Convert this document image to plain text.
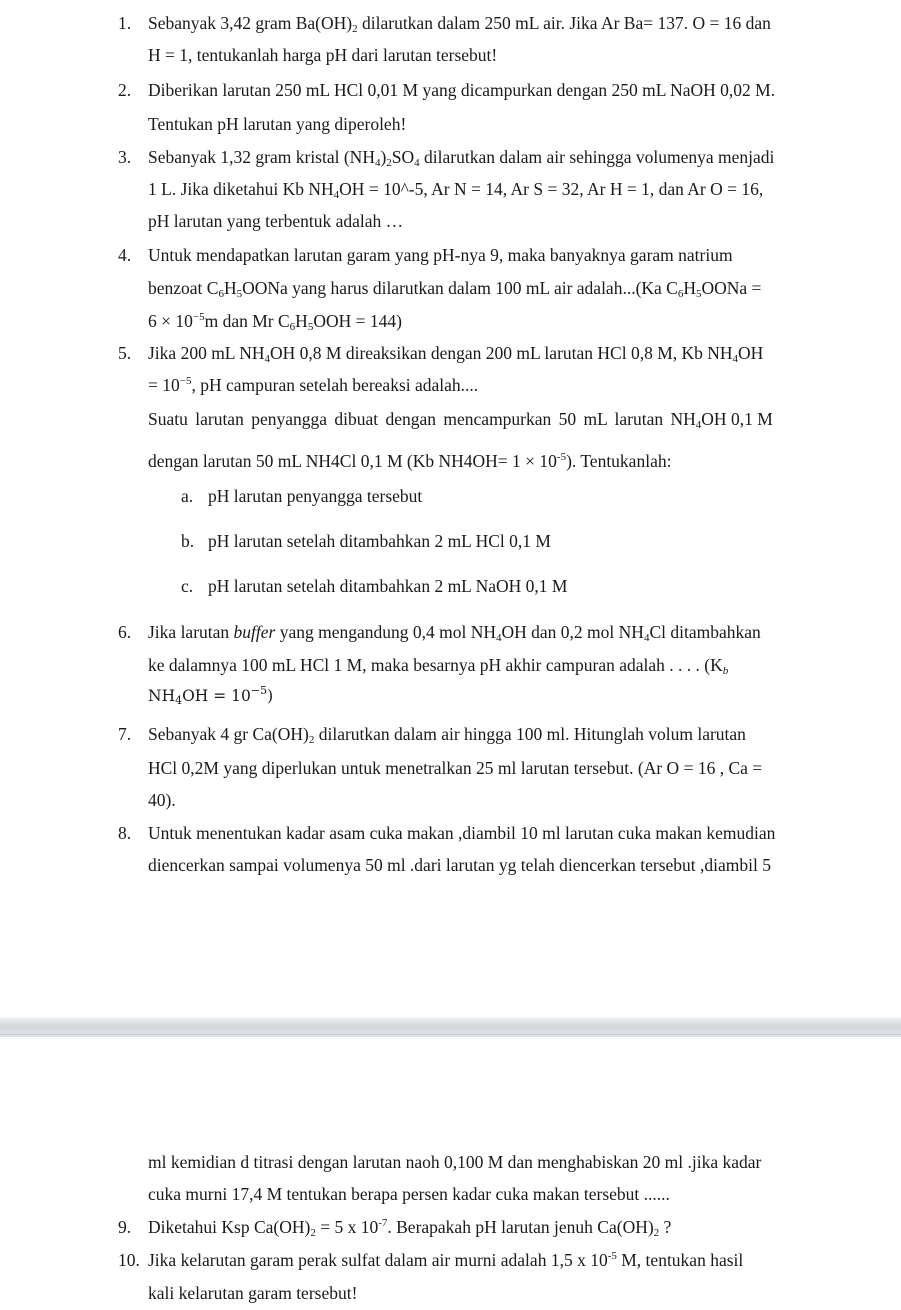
1. Sebanyak 3,42 gram $Ba(OH)_2$ dilarutkan dalam 250 mL air. Jika Ar Ba= 137. O = 16 dan
H = 1, tentukanlah harga pH dari larutan tersebut!
2. Diberikan larutan 250 mL HCl 0,01 M yang dicampurkan dengan 250 mL NaOH 0,02 M.
Tentukan pH larutan yang diperoleh!
3. Sebanyak 1,32 gram kristal $(NH_4)_2SO_4$ dilarutkan dalam air sehingga volumenya menjadi
1 L. Jika diketahui Kb $NH_4OH$ = 10^-5, Ar N = 14, Ar S = 32, Ar H = 1, dan Ar O = 16,
pH larutan yang terbentuk adalah …
4. Untuk mendapatkan larutan garam yang pH-nya 9, maka banyaknya garam natrium
benzoat $C_6H_5OONa$ yang harus dilarutkan dalam 100 mL air adalah...(Ka $C_6H_5OONa$ =
$6 \times 10^{-5}m$ dan Mr $C_6H_5OOH = 144$)
5. Jika 200 mL $NH_4OH$ 0,8 M direaksikan dengan 200 mL larutan HCl 0,8 M, Kb $NH_4OH$
= $10^{-5}$, pH campuran setelah bereaksi adalah....
Suatu larutan penyangga dibuat dengan mencampurkan 50 mL larutan $NH_4OH$ 0,1 M
dengan larutan 50 mL NH4Cl 0,1 M (Kb $NH4OH= 1 \times 10^{-5}$). Tentukanlah:
a. pH larutan penyangga tersebut
b. pH larutan setelah ditambahkan 2 mL HCl 0,1 M
c. pH larutan setelah ditambahkan 2 mL NaOH 0,1 M
6. Jika larutan buffer yang mengandung 0,4 mol $NH_4OH$ dan 0,2 mol $NH_4Cl$ ditambahkan
ke dalamnya 100 mL HCl 1 M, maka besarnya pH akhir campuran adalah . . . . ($K_b$
$NH_4OH = 10^{-5}$)
7. Sebanyak 4 gr $Ca(OH)_2$ dilarutkan dalam air hingga 100 ml. Hitunglah volum larutan
HCl 0,2M yang diperlukan untuk menetralkan 25 ml larutan tersebut. (Ar O = 16 , Ca =
40).
8. Untuk menentukan kadar asam cuka makan ,diambil 10 ml larutan cuka makan kemudian
diencerkan sampai volumenya 50 ml .dari larutan yg telah diencerkan tersebut ,diambil 5
ml kemidian d titrasi dengan larutan naoh 0,100 M dan menghabiskan 20 ml .jika kadar
cuka murni 17,4 M tentukan berapa persen kadar cuka makan tersebut ......
9. Diketahui Ksp $Ca(OH)_2 = 5$ x $10^{-7}$. Berapakah pH larutan jenuh $Ca(OH)_2$ ?
10. Jika kelarutan garam perak sulfat dalam air murni adalah 1,5 x $10^{-5}$ M, tentukan hasil
kali kelarutan garam tersebut!
